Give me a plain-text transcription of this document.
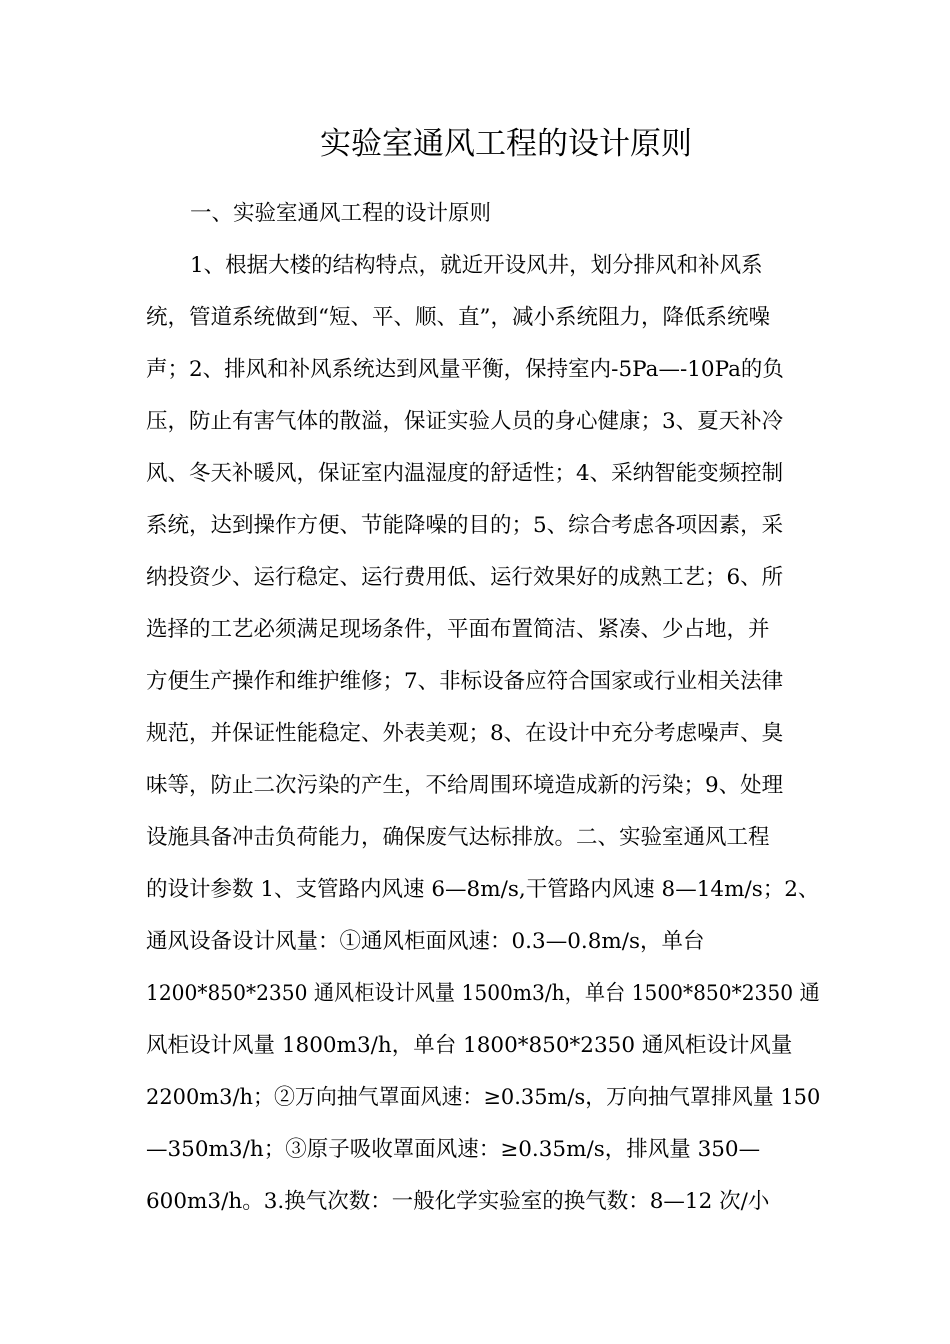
实验室通风工程的设计原则
一、实验室通风工程的设计原则
1、根据大楼的结构特点，就近开设风井，划分排风和补风系
统，管道系统做到“短、平、顺、直”，减小系统阻力，降低系统噪
声；2、排风和补风系统达到风量平衡，保持室内-5Pa—-10Pa的负
压，防止有害气体的散溢，保证实验人员的身心健康；3、夏天补冷
风、冬天补暖风，保证室内温湿度的舒适性；4、采纳智能变频控制
系统，达到操作方便、节能降噪的目的；5、综合考虑各项因素，采
纳投资少、运行稳定、运行费用低、运行效果好的成熟工艺；6、所
选择的工艺必须满足现场条件，平面布置简洁、紧凑、少占地，并
方便生产操作和维护维修；7、非标设备应符合国家或行业相关法律
规范，并保证性能稳定、外表美观；8、在设计中充分考虑噪声、臭
味等，防止二次污染的产生，不给周围环境造成新的污染；9、处理
设施具备冲击负荷能力，确保废气达标排放。二、实验室通风工程
的设计参数 1、支管路内风速 6—8m/s,干管路内风速 8—14m/s；2、
通风设备设计风量：①通风柜面风速：0.3—0.8m/s，单台
1200*850*2350 通风柜设计风量 1500m3/h，单台 1500*850*2350 通
风柜设计风量 1800m3/h，单台 1800*850*2350 通风柜设计风量
2200m3/h；②万向抽气罩面风速：≥0.35m/s，万向抽气罩排风量 150
—350m3/h；③原子吸收罩面风速：≥0.35m/s，排风量 350—
600m3/h。3.换气次数：一般化学实验室的换气数：8—12 次/小
